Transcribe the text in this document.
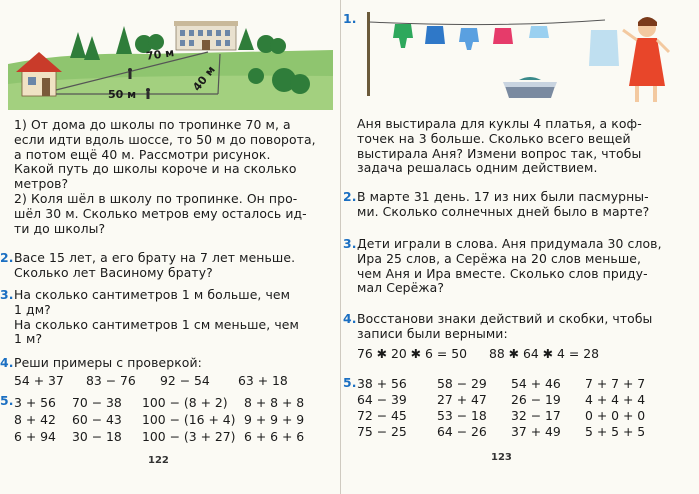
70 м
50 м
40 м
1) От дома до школы по тропинке 70 м, а
если идти вдоль шоссе, то 50 м до поворота,
а потом ещё 40 м. Рассмотри рисунок.
Какой путь до школы короче и на сколько
метров?
2) Коля шёл в школу по тропинке. Он про-
шёл 30 м. Сколько метров ему осталось ид-
ти до школы?
2. Васе 15 лет, а его брату на 7 лет меньше.
Сколько лет Васиному брату?
3. На сколько сантиметров 1 м больше, чем
1 дм?
На сколько сантиметров 1 см меньше, чем
1 м?
4. Реши примеры с проверкой:
54 + 37 83 − 76 92 − 54 63 + 18
5. 3 + 56
8 + 42
6 + 94
70 − 38
60 − 43
30 − 18
100 − (8 + 2)
100 − (16 + 4)
100 − (3 + 27)
8 + 8 + 8
9 + 9 + 9
6 + 6 + 6
122
1.
Аня выстирала для куклы 4 платья, а коф-
точек на 3 больше. Сколько всего вещей
выстирала Аня? Измени вопрос так, чтобы
задача решалась одним действием.
2. В марте 31 день. 17 из них были пасмурны-
ми. Сколько солнечных дней было в марте?
3. Дети играли в слова. Аня придумала 30 слов,
Ира 25 слов, а Серёжа на 20 слов меньше,
чем Аня и Ира вместе. Сколько слов приду-
мал Серёжа?
4. Восстанови знаки действий и скобки, чтобы
записи были верными:
76 ✱ 20 ✱ 6 = 50 88 ✱ 64 ✱ 4 = 28
5. 38 + 56
64 − 39
72 − 45
75 − 25
58 − 29
27 + 47
53 − 18
64 − 26
54 + 46
26 − 19
32 − 17
37 + 49
7 + 7 + 7
4 + 4 + 4
0 + 0 + 0
5 + 5 + 5
123
